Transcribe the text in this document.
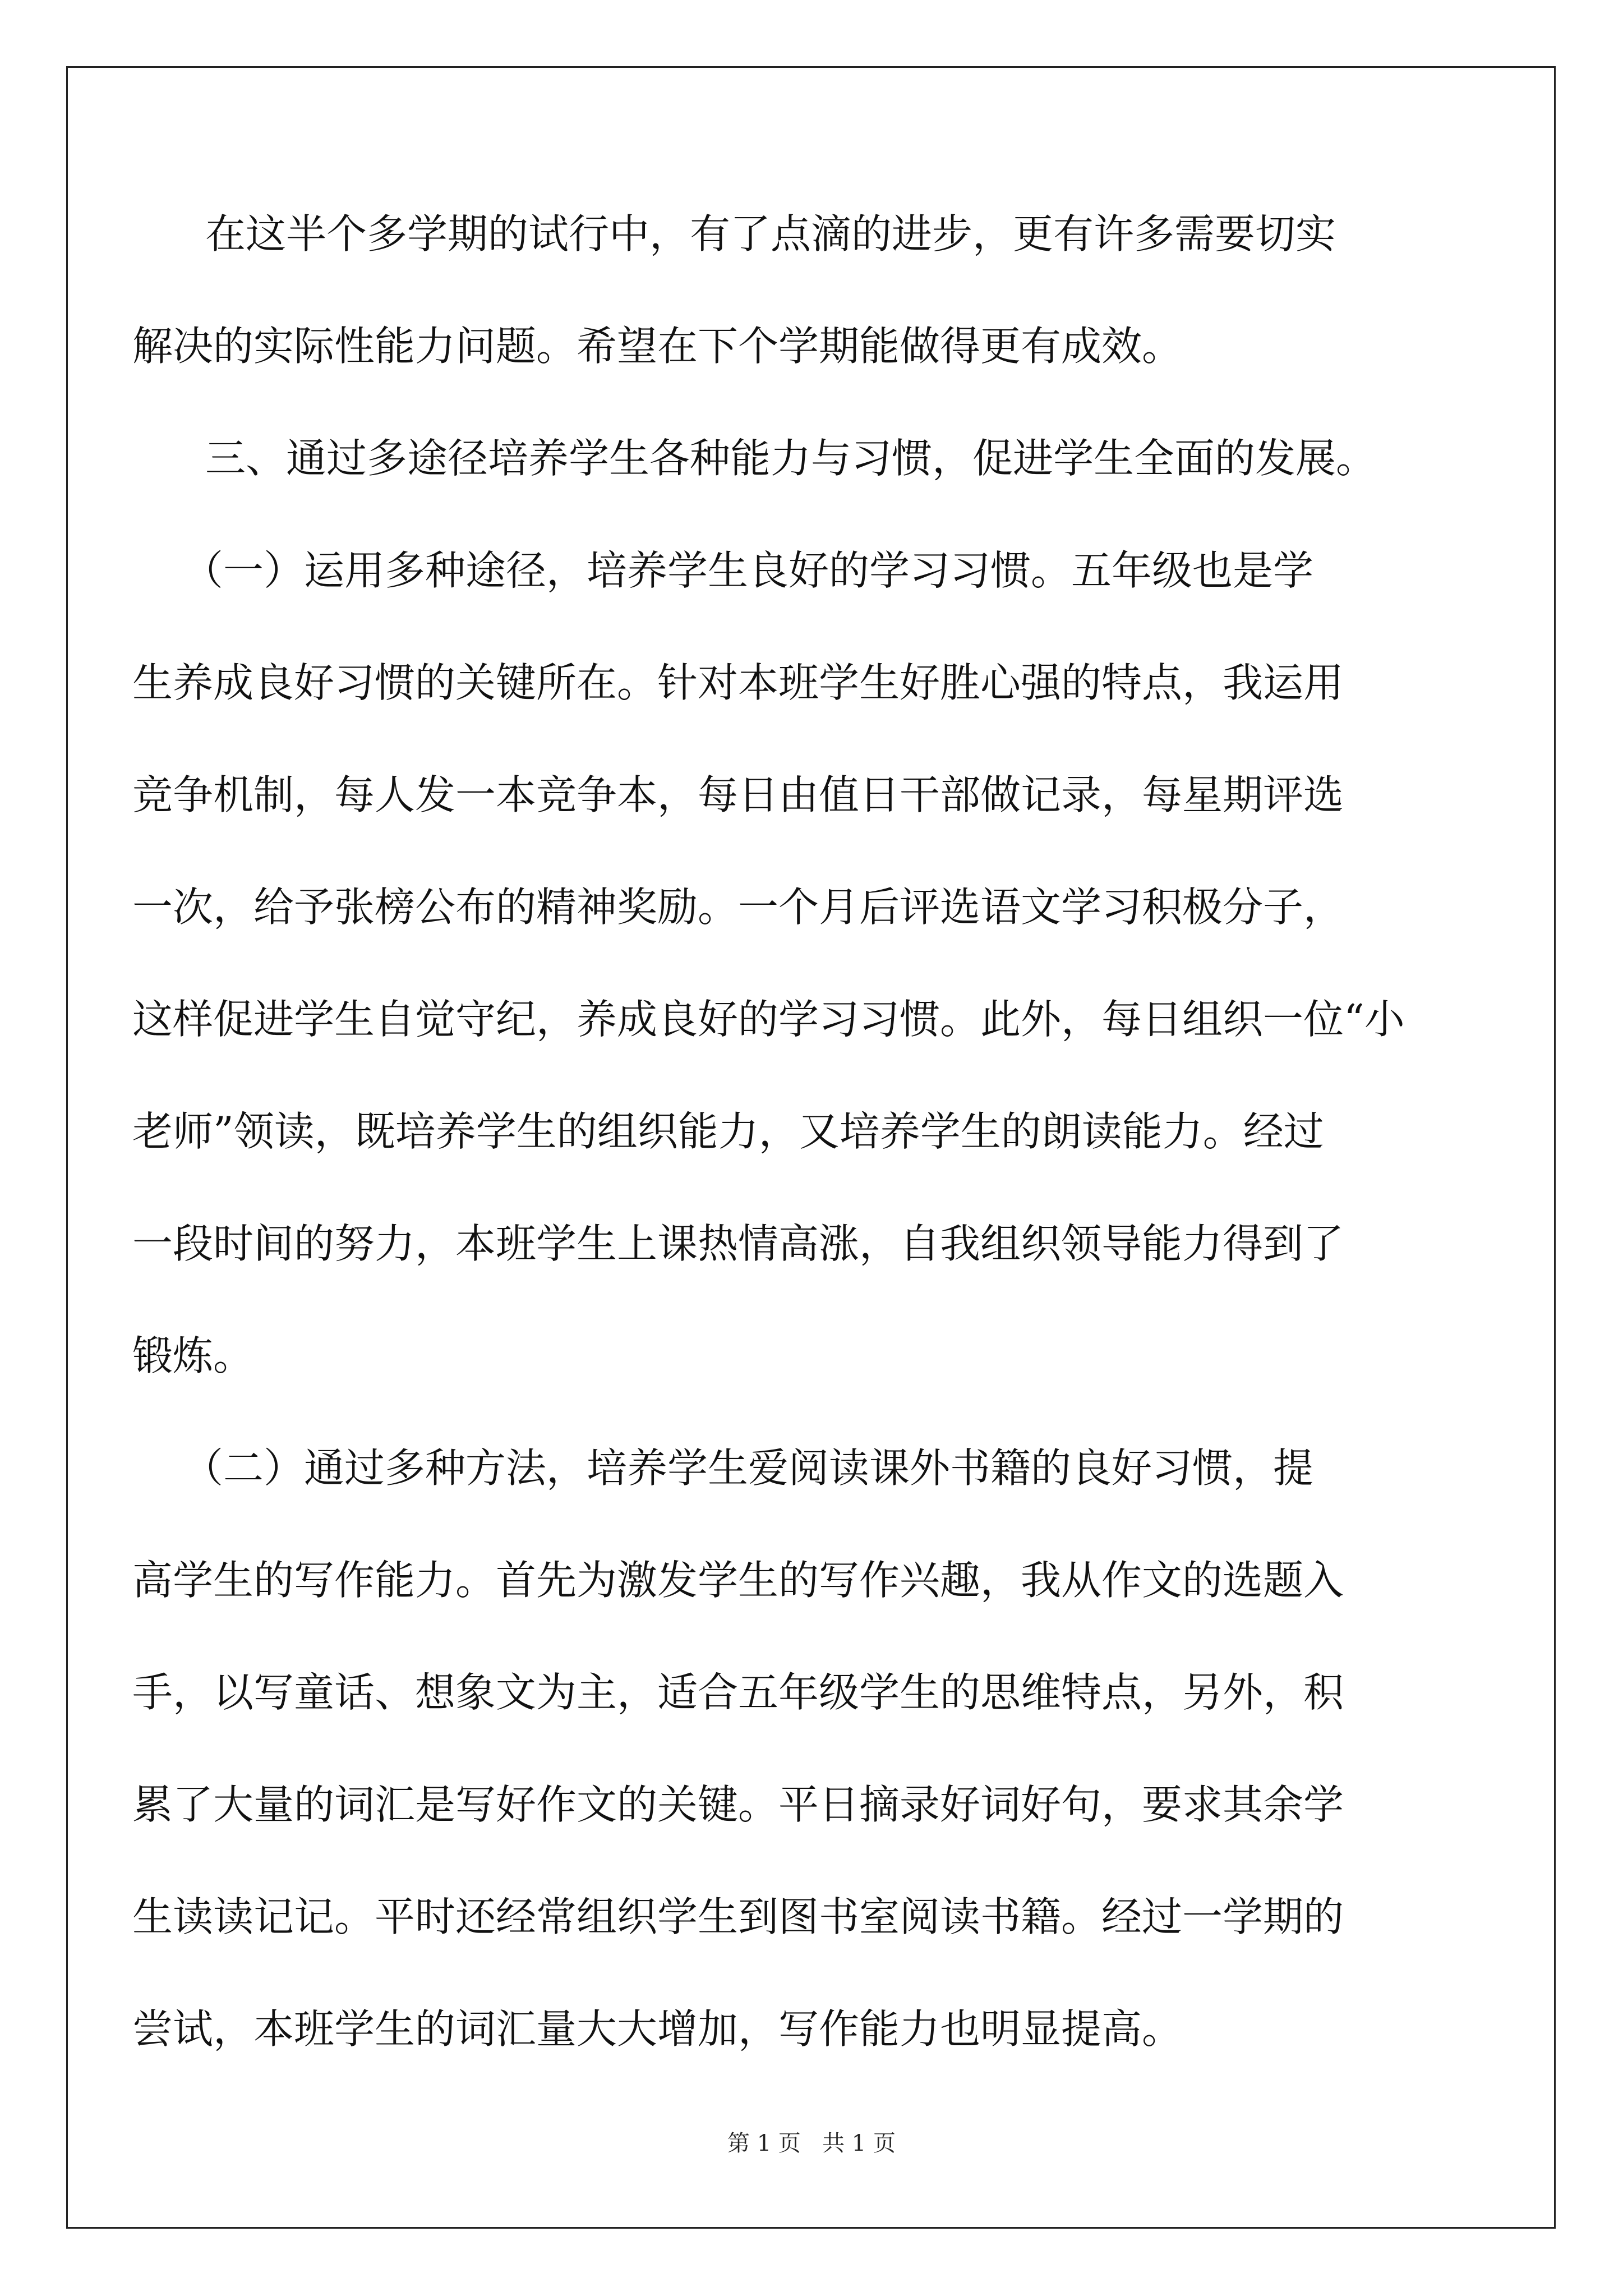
在这半个多学期的试行中，有了点滴的进步，更有许多需要切实
解决的实际性能力问题。希望在下个学期能做得更有成效。
三、通过多途径培养学生各种能力与习惯，促进学生全面的发展。
（一）运用多种途径，培养学生良好的学习习惯。五年级也是学
生养成良好习惯的关键所在。针对本班学生好胜心强的特点，我运用
竞争机制，每人发一本竞争本，每日由值日干部做记录，每星期评选
一次，给予张榜公布的精神奖励。一个月后评选语文学习积极分子，
这样促进学生自觉守纪，养成良好的学习习惯。此外，每日组织一位“小
老师”领读，既培养学生的组织能力，又培养学生的朗读能力。经过
一段时间的努力，本班学生上课热情高涨，自我组织领导能力得到了
锻炼。
（二）通过多种方法，培养学生爱阅读课外书籍的良好习惯，提
高学生的写作能力。首先为激发学生的写作兴趣，我从作文的选题入
手，以写童话、想象文为主，适合五年级学生的思维特点，另外，积
累了大量的词汇是写好作文的关键。平日摘录好词好句，要求其余学
生读读记记。平时还经常组织学生到图书室阅读书籍。经过一学期的
尝试，本班学生的词汇量大大增加，写作能力也明显提高。
第 1 页   共 1 页
